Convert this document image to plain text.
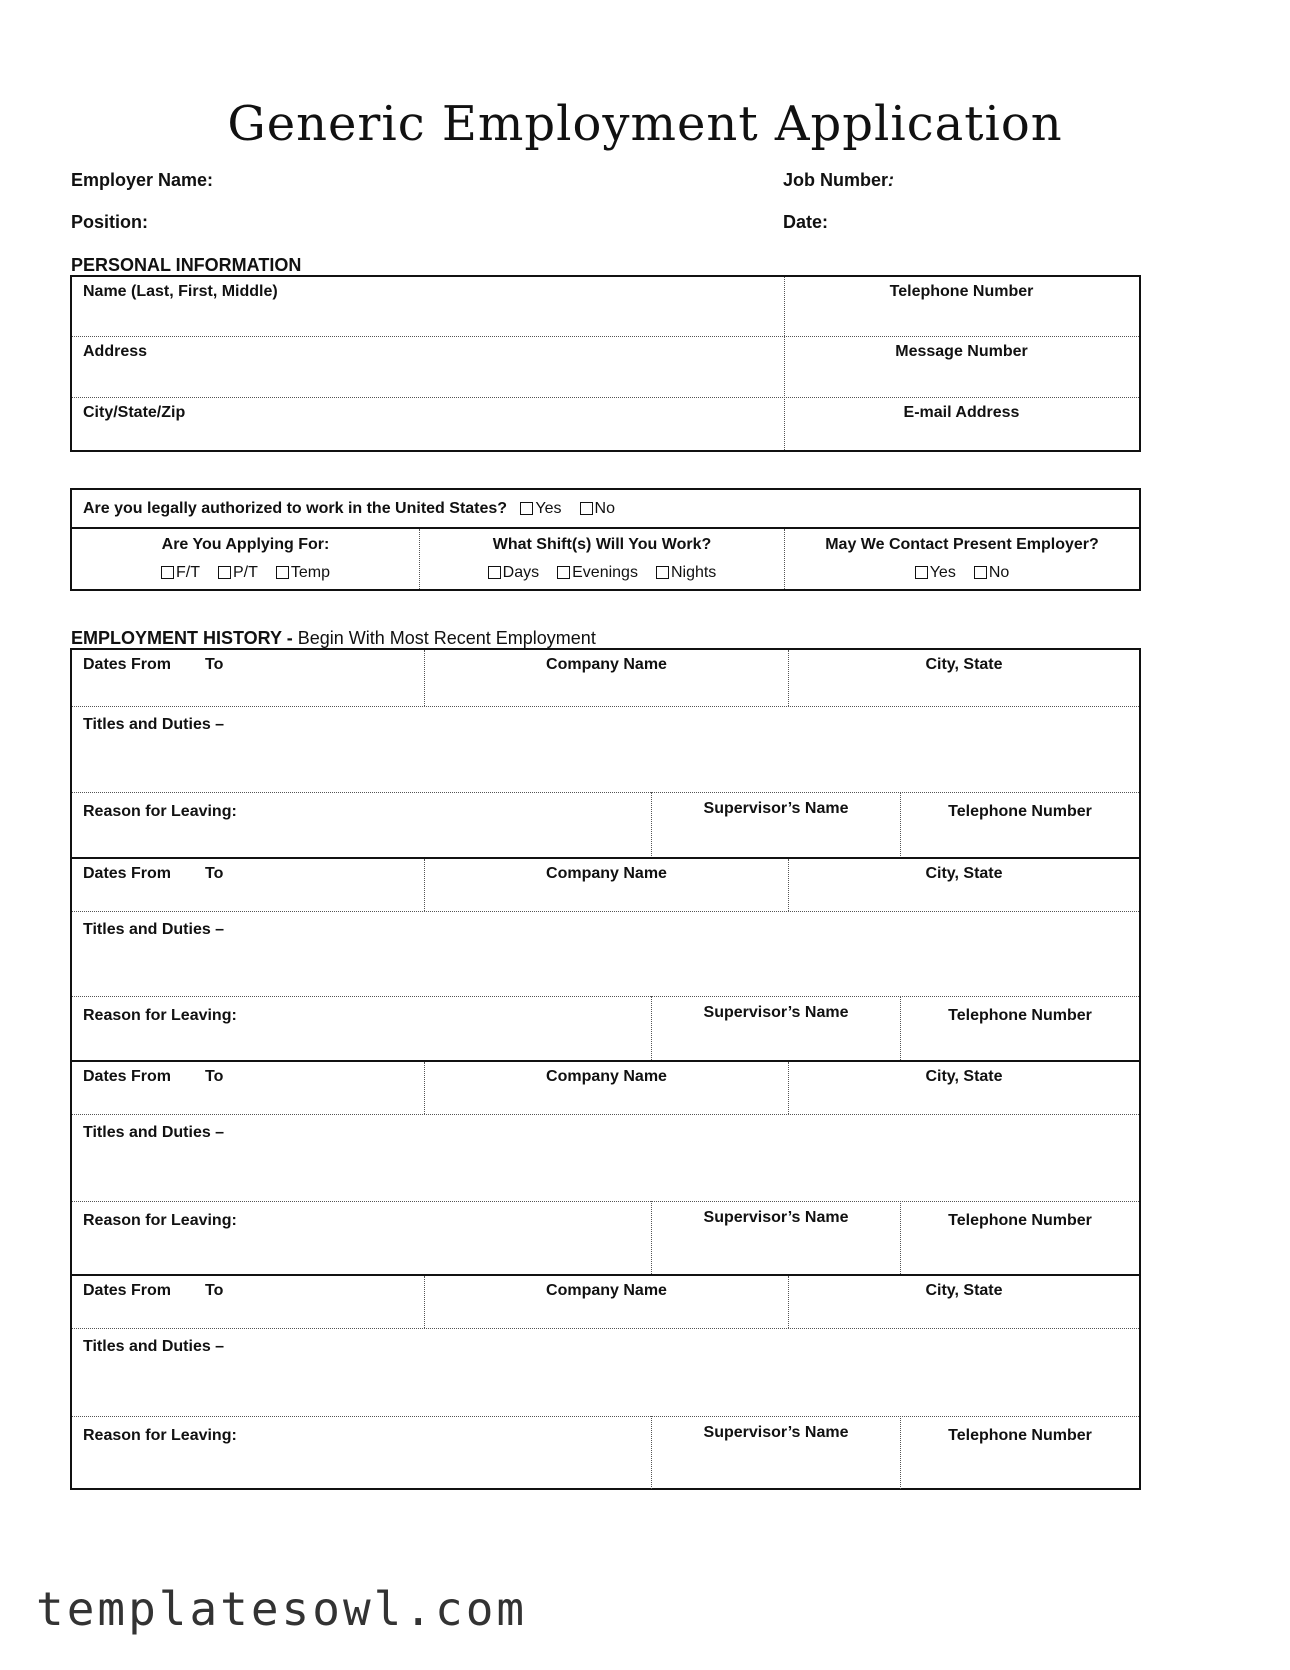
Generic Employment Application
Employer Name:	Job Number:
Position:	Date:
PERSONAL INFORMATION
Name (Last, First, Middle)	Telephone Number
Address	Message Number
City/State/Zip	E-mail Address
Are you legally authorized to work in the United States? Yes No
Are You Applying For:
F/T P/T Temp
What Shift(s) Will You Work?
Days Evenings Nights
May We Contact Present Employer?
Yes No
EMPLOYMENT HISTORY - Begin With Most Recent Employment
Dates From To	Company Name	City, State
Titles and Duties –
Reason for Leaving:	Supervisor’s Name	Telephone Number
Dates From To	Company Name	City, State
Titles and Duties –
Reason for Leaving:	Supervisor’s Name	Telephone Number
Dates From To	Company Name	City, State
Titles and Duties –
Reason for Leaving:	Supervisor’s Name	Telephone Number
Dates From To	Company Name	City, State
Titles and Duties –
Reason for Leaving:	Supervisor’s Name	Telephone Number
templatesowl.com
